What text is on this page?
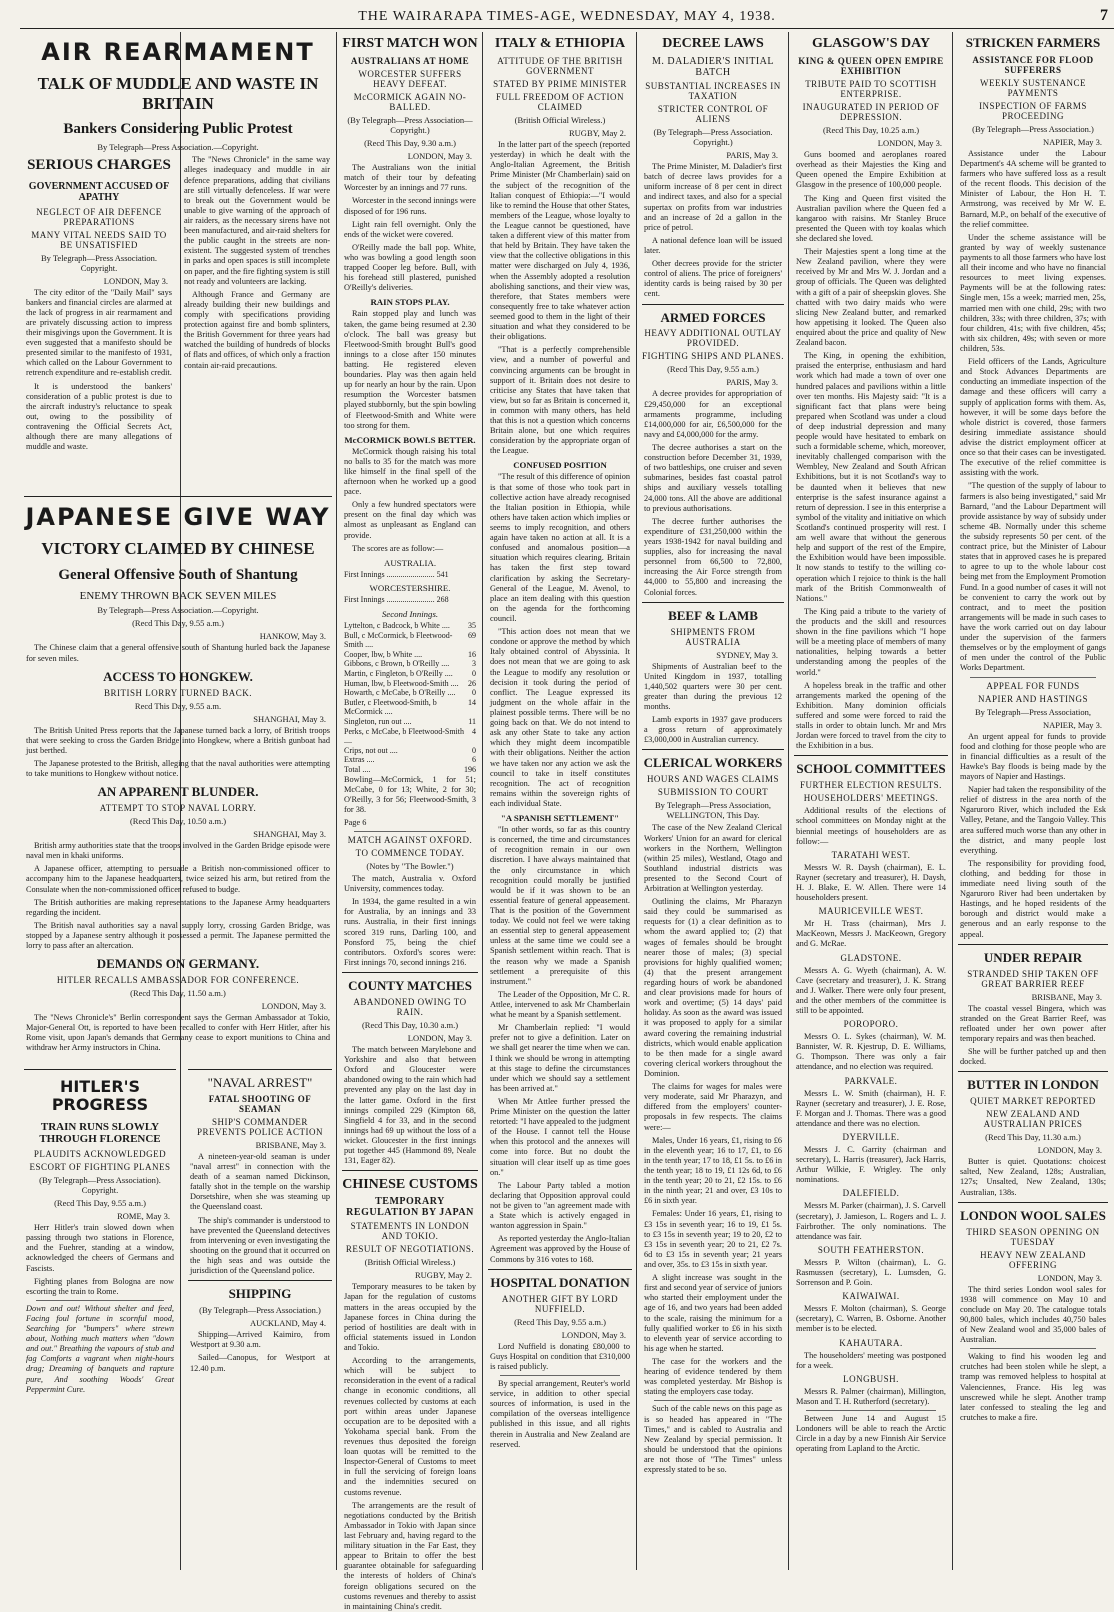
THE WAIRARAPA TIMES-AGE, WEDNESDAY, MAY 4, 1938.	7
AIR REARMAMENT
TALK OF MUDDLE AND WASTE IN BRITAIN
Bankers Considering Public Protest
By Telegraph—Press Association.—Copyright.
SERIOUS CHARGES
GOVERNMENT ACCUSED OF APATHY
NEGLECT OF AIR DEFENCE PREPARATIONS
MANY VITAL NEEDS SAID TO BE UNSATISFIED
By Telegraph—Press Association. Copyright.
LONDON, May 3.

The city editor of the "Daily Mail" says bankers and financial circles are alarmed at the lack of progress in air rearmament and are privately discussing action to impress their misgivings upon the Government. It is even suggested that a manifesto should be presented similar to the manifesto of 1931, which called on the Labour Government to retrench expenditure and re-establish credit.

It is understood the bankers' consideration of a public protest is due to the aircraft industry's reluctance to speak out, owing to the possibility of contravening the Official Secrets Act, although there are many allegations of muddle and waste.

The "News Chronicle" in the same way alleges inadequacy and muddle in air defence preparations, adding that civilians are still virtually defenceless. If war were to break out the Government would be unable to give warning of the approach of air raiders, as the necessary sirens have not been manufactured, and air-raid shelters for the public caught in the streets are non-existent. The suggested system of trenches in parks and open spaces is still incomplete on paper, and the fire fighting system is still not ready and volunteers are lacking.

Although France and Germany are already building their new buildings and comply with specifications providing protection against fire and bomb splinters, the British Government for three years had watched the building of hundreds of blocks of flats and offices, of which only a fraction contain air-raid precautions.

JAPANESE GIVE WAY
VICTORY CLAIMED BY CHINESE
General Offensive South of Shantung
ENEMY THROWN BACK SEVEN MILES
By Telegraph—Press Association.—Copyright.
(Recd This Day, 9.55 a.m.)
HANKOW, May 3.

The Chinese claim that a general offensive south of Shantung hurled back the Japanese for seven miles.

ACCESS TO HONGKEW.
BRITISH LORRY TURNED BACK.
Recd This Day, 9.55 a.m.
SHANGHAI, May 3.

The British United Press reports that the Japanese turned back a lorry, of British troops that were seeking to cross the Garden Bridge into Hongkew, where a British gunboat had just berthed.

The Japanese protested to the British, alleging that the naval authorities were attempting to take munitions to Hongkew without notice.

AN APPARENT BLUNDER.
ATTEMPT TO STOP NAVAL LORRY.
(Recd This Day, 10.50 a.m.)
SHANGHAI, May 3.

British army authorities state that the troops involved in the Garden Bridge episode were naval men in khaki uniforms.

A Japanese officer, attempting to persuade a British non-commissioned officer to accompany him to the Japanese headquarters, twice seized his arm, but retired from the Consulate when the non-commissioned officer refused to budge.

The British authorities are making representations to the Japanese Army headquarters regarding the incident.

The British naval authorities say a naval supply lorry, crossing Garden Bridge, was stopped by a Japanese sentry although it possessed a permit. The Japanese permitted the lorry to pass after an altercation.

DEMANDS ON GERMANY.
HITLER RECALLS AMBASSADOR FOR CONFERENCE.
(Recd This Day, 11.50 a.m.)
LONDON, May 3.

The "News Chronicle's" Berlin correspondent says the German Ambassador at Tokio, Major-General Ott, is reported to have been recalled to confer with Herr Hitler, after his Rome visit, upon Japan's demands that Germany cease to export munitions to China and withdraw her Army instructors in China.

HITLER'S PROGRESS
TRAIN RUNS SLOWLY THROUGH FLORENCE
PLAUDITS ACKNOWLEDGED
ESCORT OF FIGHTING PLANES
(By Telegraph—Press Association). Copyright.
(Recd This Day, 9.55 a.m.)
ROME, May 3.

Herr Hitler's train slowed down when passing through two stations in Florence, and the Fuehrer, standing at a window, acknowledged the cheers of Germans and Fascists.

Fighting planes from Bologna are now escorting the train to Rome.

Down and out! Without shelter and feed, Facing foul fortune in scornful mood, Searching for "bumpers" where strewn about, Nothing much matters when "down and out." Breathing the vapours of stub and fag Comforts a vagrant when night-hours drag; Dreaming of banquets and rapture pure, And soothing Woods' Great Peppermint Cure.

"NAVAL ARREST"
FATAL SHOOTING OF SEAMAN
SHIP'S COMMANDER PREVENTS POLICE ACTION
BRISBANE, May 3.

A nineteen-year-old seaman is under "naval arrest" in connection with the death of a seaman named Dickinson, fatally shot in the temple on the warship Dorsetshire, when she was steaming up the Queensland coast.

The ship's commander is understood to have prevented the Queensland detectives from intervening or even investigating the shooting on the ground that it occurred on the high seas and was outside the jurisdiction of the Queensland police.

SHIPPING
(By Telegraph—Press Association.)
AUCKLAND, May 4.

Shipping—Arrived Kaimiro, from Westport at 9.30 a.m.

Sailed—Canopus, for Westport at 12.40 p.m.

FIRST MATCH WON
AUSTRALIANS AT HOME
WORCESTER SUFFERS HEAVY DEFEAT.
McCORMICK AGAIN NO-BALLED.
(By Telegraph—Press Association—Copyright.)
(Recd This Day, 9.30 a.m.)
LONDON, May 3.

The Australians won the initial match of their tour by defeating Worcester by an innings and 77 runs.

Worcester in the second innings were disposed of for 196 runs.

Light rain fell overnight. Only the ends of the wicket were covered.

O'Reilly made the ball pop. White, who was bowling a good length soon trapped Cooper leg before. Bull, with his forehead still plastered, punished O'Reilly's deliveries.

RAIN STOPS PLAY.

Rain stopped play and lunch was taken, the game being resumed at 2.30 o'clock. The ball was greasy but Fleetwood-Smith brought Bull's good innings to a close after 150 minutes batting. He registered eleven boundaries. Play was then again held up for nearly an hour by the rain. Upon resumption the Worcester batsmen played stubbornly, but the spin bowling of Fleetwood-Smith and White were too strong for them.

McCORMICK BOWLS BETTER.

McCormick though raising his total no balls to 35 for the match was more like himself in the final spell of the afternoon when he worked up a good pace.

Only a few hundred spectators were present on the final day which was almost as unpleasant as England can provide.

The scores are as follow:—

AUSTRALIA.
First Innings ........................ 541
WORCESTERSHIRE.
First Innings ........................ 268
Second Innings.
Lyttelton, c Badcock, b White .... 35
Bull, c McCormick, b Fleetwood-Smith ....
69
Cooper, lbw, b White ....	16
Gibbons, c Brown, b O'Reilly ....	3
Martin, c Fingleton, b O'Reilly .... 0
Human, lbw, b Fleetwood-Smith .... 26
Howarth, c McCabe, b O'Reilly .... 0
Butler, c Fleetwood-Smith, b McCormick ....
14
Singleton, run out ....	11
Perks, c McCabe, b Fleetwood-Smith ....
4
Crips, not out ....	0
Extras ....	6
Total ....	196

Bowling—McCormick, 1 for 51; McCabe, 0 for 13; White, 2 for 30; O'Reilly, 3 for 56; Fleetwood-Smith, 3 for 38.

Page 6

MATCH AGAINST OXFORD.
TO COMMENCE TODAY.
(Notes by "The Bowler.")

The match, Australia v. Oxford University, commences today.

In 1934, the game resulted in a win for Australia, by an innings and 33 runs. Australia, in their first innings scored 319 runs, Darling 100, and Ponsford 75, being the chief contributors. Oxford's scores were: First innings 70, second innings 216.

COUNTY MATCHES
ABANDONED OWING TO RAIN.
(Recd This Day, 10.30 a.m.)
LONDON, May 3.

The match between Marylebone and Yorkshire and also that between Oxford and Gloucester were abandoned owing to the rain which had prevented any play on the last day in the latter game. Oxford in the first innings compiled 229 (Kimpton 68, Singfield 4 for 33, and in the second innings had 69 up without the loss of a wicket. Gloucester in the first innings put together 445 (Hammond 89, Neale 131, Eager 82).

CHINESE CUSTOMS
TEMPORARY REGULATION BY JAPAN
STATEMENTS IN LONDON AND TOKIO.
RESULT OF NEGOTIATIONS.
(British Official Wireless.)
RUGBY, May 2.

Temporary measures to be taken by Japan for the regulation of customs matters in the areas occupied by the Japanese forces in China during the period of hostilities are dealt with in official statements issued in London and Tokio.

According to the arrangements, which will be subject to reconsideration in the event of a radical change in economic conditions, all revenues collected by customs at each port within areas under Japanese occupation are to be deposited with a Yokohama special bank. From the revenues thus deposited the foreign loan quotas will be remitted to the Inspector-General of Customs to meet in full the servicing of foreign loans and the indemnities secured on customs revenue.

The arrangements are the result of negotiations conducted by the British Ambassador in Tokio with Japan since last February and, having regard to the military situation in the Far East, they appear to Britain to offer the best guarantee obtainable for safeguarding the interests of holders of China's foreign obligations secured on the customs revenues and thereby to assist in maintaining China's credit.

ITALY & ETHIOPIA
ATTITUDE OF THE BRITISH GOVERNMENT
STATED BY PRIME MINISTER
FULL FREEDOM OF ACTION CLAIMED
(British Official Wireless.)
RUGBY, May 2.

In the latter part of the speech (reported yesterday) in which he dealt with the Anglo-Italian Agreement, the British Prime Minister (Mr Chamberlain) said on the subject of the recognition of the Italian conquest of Ethiopia:—"I would like to remind the House that other States, members of the League, whose loyalty to the League cannot be questioned, have taken a different view of this matter from that held by Britain. They have taken the view that the collective obligations in this matter were discharged on July 4, 1936, when the Assembly adopted a resolution abolishing sanctions, and their view was, therefore, that States members were consequently free to take whatever action seemed good to them in the light of their situation and what they considered to be their obligations.

"That is a perfectly comprehensible view, and a number of powerful and convincing arguments can be brought in support of it. Britain does not desire to criticise any States that have taken that view, but so far as Britain is concerned it, in common with many others, has held that this is not a question which concerns Britain alone, but one which requires consideration by the appropriate organ of the League.

CONFUSED POSITION

"The result of this difference of opinion is that some of those who took part in collective action have already recognised the Italian position in Ethiopia, while others have taken action which implies or seems to imply recognition, and others again have taken no action at all. It is a confused and anomalous position—a situation which requires clearing. Britain has taken the first step toward clarification by asking the Secretary-General of the League, M. Avenol, to place an item dealing with this question on the agenda for the forthcoming council.

"This action does not mean that we condone or approve the method by which Italy obtained control of Abyssinia. It does not mean that we are going to ask the League to modify any resolution or decision it took during the period of conflict. The League expressed its judgment on the whole affair in the plainest possible terms. There will be no going back on that. We do not intend to ask any other State to take any action which they might deem incompatible with their obligations. Neither the action we have taken nor any action we ask the council to take in itself constitutes recognition. The act of recognition remains within the sovereign rights of each individual State.

"A SPANISH SETTLEMENT"

"In other words, so far as this country is concerned, the time and circumstances of recognition remain in our own discretion. I have always maintained that the only circumstance in which recognition could morally be justified would be if it was shown to be an essential feature of general appeasement. That is the position of the Government today. We could not feel we were taking an essential step to general appeasement unless at the same time we could see a Spanish settlement within reach. That is the reason why we made a Spanish settlement a prerequisite of this instrument."

The Leader of the Opposition, Mr C. R. Attlee, intervened to ask Mr Chamberlain what he meant by a Spanish settlement.

Mr Chamberlain replied: "I would prefer not to give a definition. Later on we shall get nearer the time when we can. I think we should be wrong in attempting at this stage to define the circumstances under which we should say a settlement has been arrived at."

When Mr Attlee further pressed the Prime Minister on the question the latter retorted: "I have appealed to the judgment of the House. I cannot tell the House when this protocol and the annexes will come into force. But no doubt the situation will clear itself up as time goes on."

The Labour Party tabled a motion declaring that Opposition approval could not be given to "an agreement made with a State which is actively engaged in wanton aggression in Spain."

As reported yesterday the Anglo-Italian Agreement was approved by the House of Commons by 316 votes to 168.

HOSPITAL DONATION
ANOTHER GIFT BY LORD NUFFIELD.
(Recd This Day, 9.55 a.m.)
LONDON, May 3.

Lord Nuffield is donating £80,000 to Guys Hospital on condition that £310,000 is raised publicly.

By special arrangement, Reuter's world service, in addition to other special sources of information, is used in the compilation of the overseas intelligence published in this issue, and all rights therein in Australia and New Zealand are reserved.

DECREE LAWS
M. DALADIER'S INITIAL BATCH
SUBSTANTIAL INCREASES IN TAXATION
STRICTER CONTROL OF ALIENS
(By Telegraph—Press Association. Copyright.)
PARIS, May 3.

The Prime Minister, M. Daladier's first batch of decree laws provides for a uniform increase of 8 per cent in direct and indirect taxes, and also for a special supertax on profits from war industries and an increase of 2d a gallon in the price of petrol.

A national defence loan will be issued later.

Other decrees provide for the stricter control of aliens. The price of foreigners' identity cards is being raised by 30 per cent.

ARMED FORCES
HEAVY ADDITIONAL OUTLAY PROVIDED.
FIGHTING SHIPS AND PLANES.
(Recd This Day, 9.55 a.m.)
PARIS, May 3.

A decree provides for appropriation of £29,450,000 for an exceptional armaments programme, including £14,000,000 for air, £6,500,000 for the navy and £4,000,000 for the army.

The decree authorises a start on the construction before December 31, 1939, of two battleships, one cruiser and seven submarines, besides fast coastal patrol ships and auxiliary vessels totalling 24,000 tons. All the above are additional to previous authorisations.

The decree further authorises the expenditure of £31,250,000 within the years 1938-1942 for naval building and supplies, also for increasing the naval personnel from 66,500 to 72,800, increasing the Air Force strength from 44,000 to 55,800 and increasing the Colonial forces.

BEEF & LAMB
SHIPMENTS FROM AUSTRALIA
SYDNEY, May 3.

Shipments of Australian beef to the United Kingdom in 1937, totalling 1,440,502 quarters were 30 per cent. greater than during the previous 12 months.

Lamb exports in 1937 gave producers a gross return of approximately £3,000,000 in Australian currency.

CLERICAL WORKERS
HOURS AND WAGES CLAIMS
SUBMISSION TO COURT
By Telegraph—Press Association, WELLINGTON, This Day.

The case of the New Zealand Clerical Workers' Union for an award for clerical workers in the Northern, Wellington (within 25 miles), Westland, Otago and Southland industrial districts was presented to the Second Court of Arbitration at Wellington yesterday.

Outlining the claims, Mr Pharazyn said they could be summarised as requests for (1) a clear definition as to whom the award applied to; (2) that wages of females should be brought nearer those of males; (3) special provisions for highly qualified women; (4) that the present arrangement regarding hours of work be abandoned and clear provisions made for hours of work and overtime; (5) 14 days' paid holiday. As soon as the award was issued it was proposed to apply for a similar award covering the remaining industrial districts, which would enable application to be then made for a single award covering clerical workers throughout the Dominion.

The claims for wages for males were very moderate, said Mr Pharazyn, and differed from the employers' counter-proposals in few respects. The claims were:—

Males, Under 16 years, £1, rising to £6 in the eleventh year; 16 to 17, £1, to £6 in the tenth year; 17 to 18, £1 5s. to £6 in the tenth year; 18 to 19, £1 12s 6d, to £6 in the tenth year; 20 to 21, £2 15s. to £6 in the ninth year; 21 and over, £3 10s to £6 in sixth year.

Females: Under 16 years, £1, rising to £3 15s in seventh year; 16 to 19, £1 5s. to £3 15s in seventh year; 19 to 20, £2 to £3 15s in seventh year; 20 to 21, £2 7s. 6d to £3 15s in seventh year; 21 years and over, 35s. to £3 15s in sixth year.

A slight increase was sought in the first and second year of service of juniors who started their employment under the age of 16, and two years had been added to the scale, raising the minimum for a fully qualified worker to £6 in his sixth to eleventh year of service according to his age when he started.

The case for the workers and the hearing of evidence tendered by them was completed yesterday. Mr Bishop is stating the employers case today.

Such of the cable news on this page as is so headed has appeared in "The Times," and is cabled to Australia and New Zealand by special permission. It should be understood that the opinions are not those of "The Times" unless expressly stated to be so.

GLASGOW'S DAY
KING & QUEEN OPEN EMPIRE EXHIBITION
TRIBUTE PAID TO SCOTTISH ENTERPRISE.
INAUGURATED IN PERIOD OF DEPRESSION.
(Recd This Day, 10.25 a.m.)
LONDON, May 3.

Guns boomed and aeroplanes roared overhead as their Majesties the King and Queen opened the Empire Exhibition at Glasgow in the presence of 100,000 people.

The King and Queen first visited the Australian pavilion where the Queen fed a kangaroo with raisins. Mr Stanley Bruce presented the Queen with toy koalas which she declared she loved.

Their Majesties spent a long time at the New Zealand pavilion, where they were received by Mr and Mrs W. J. Jordan and a group of officials. The Queen was delighted with a gift of a pair of sheepskin gloves. She chatted with two dairy maids who were slicing New Zealand butter, and remarked how appetising it looked. The Queen also enquired about the price and quality of New Zealand bacon.

The King, in opening the exhibition, praised the enterprise, enthusiasm and hard work which had made a town of over one hundred palaces and pavilions within a little over ten months. His Majesty said: "It is a significant fact that plans were being prepared when Scotland was under a cloud of deep industrial depression and many people would have hesitated to embark on such a formidable scheme, which, moreover, inevitably challenged comparison with the Wembley, New Zealand and South African Exhibitions, but it is not Scotland's way to be daunted when it believes that new enterprise is the safest insurance against a return of depression. I see in this enterprise a symbol of the vitality and initiative on which Scotland's continued prosperity will rest. I am well aware that without the generous help and support of the rest of the Empire, the Exhibition would have been impossible. It now stands to testify to the willing co-operation which I rejoice to think is the hall mark of the British Commonwealth of Nations."

The King paid a tribute to the variety of the products and the skill and resources shown in the fine pavilions which "I hope will be a meeting place of members of many nationalities, helping towards a better understanding among the peoples of the world."

A hopeless break in the traffic and other arrangements marked the opening of the Exhibition. Many dominion officials suffered and some were forced to raid the stalls in order to obtain lunch. Mr and Mrs Jordan were forced to travel from the city to the Exhibition in a bus.

SCHOOL COMMITTEES
FURTHER ELECTION RESULTS.
HOUSEHOLDERS' MEETINGS.

Additional results of the elections of school committees on Monday night at the biennial meetings of householders are as follow:—

TARATAHI WEST.

Messrs W. R. Daysh (chairman), E. L. Rayner (secretary and treasurer), H. Daysh, H. J. Blake, E. W. Allen. There were 14 householders present.

MAURICEVILLE WEST.

Mr H. Trass (chairman), Mrs J. MacKeown, Messrs J. MacKeown, Gregory and G. McRae.

GLADSTONE.

Messrs A. G. Wyeth (chairman), A. W. Cave (secretary and treasurer), J. K. Strang and J. Walker. There were only four present, and the other members of the committee is still to be appointed.

POROPORO.

Messrs O. L. Sykes (chairman), W. M. Bannister, W. R. Kjestrup, D. E. Williams, G. Thompson. There was only a fair attendance, and no election was required.

PARKVALE.

Messrs L. W. Smith (chairman), H. F. Rayner (secretary and treasurer), J. E. Rose, F. Morgan and J. Thomas. There was a good attendance and there was no election.

DYERVILLE.

Messrs J. C. Garrity (chairman and secretary), L. Harris (treasurer), Jack Harris, Arthur Wilkie, F. Wrigley. The only nominations.

DALEFIELD.

Messrs M. Parker (chairman), J. S. Carvell (secretary), J. Jamieson, L. Rogers and L. J. Fairbrother. The only nominations. The attendance was fair.

SOUTH FEATHERSTON.

Messrs P. Wilton (chairman), L. G. Rasmussen (secretary), L. Lumsden, G. Sorrenson and P. Goin.

KAIWAIWAI.

Messrs F. Molton (chairman), S. George (secretary), C. Warren, B. Osborne. Another member is to be elected.

KAHAUTARA.

The householders' meeting was postponed for a week.

LONGBUSH.

Messrs R. Palmer (chairman), Millington, Mason and T. H. Rutherford (secretary).

Between June 14 and August 15 Londoners will be able to reach the Arctic Circle in a day by a new Finnish Air Service operating from Lapland to the Arctic.

STRICKEN FARMERS
ASSISTANCE FOR FLOOD SUFFERERS
WEEKLY SUSTENANCE PAYMENTS
INSPECTION OF FARMS PROCEEDING
(By Telegraph—Press Association.)
NAPIER, May 3.

Assistance under the Labour Department's 4A scheme will be granted to farmers who have suffered loss as a result of the recent floods. This decision of the Minister of Labour, the Hon H. T. Armstrong, was received by Mr W. E. Barnard, M.P., on behalf of the executive of the relief committee.

Under the scheme assistance will be granted by way of weekly sustenance payments to all those farmers who have lost all their income and who have no financial resources to meet living expenses. Payments will be at the following rates: Single men, 15s a week; married men, 25s, married men with one child, 29s; with two children, 33s; with three children, 37s; with four children, 41s; with five children, 45s; with six children, 49s; with seven or more children, 53s.

Field officers of the Lands, Agriculture and Stock Advances Departments are conducting an immediate inspection of the damage and these officers will carry a supply of application forms with them. As, however, it will be some days before the whole district is covered, those farmers desiring immediate assistance should advise the district employment officer at once so that their cases can be investigated. The executive of the relief committee is assisting with the work.

"The question of the supply of labour to farmers is also being investigated," said Mr Barnard, "and the Labour Department will provide assistance by way of subsidy under scheme 4B. Normally under this scheme the subsidy represents 50 per cent. of the contract price, but the Minister of Labour states that in approved cases he is prepared to agree to up to the whole labour cost being met from the Employment Promotion Fund. In a good number of cases it will not be convenient to carry the work out by contract, and to meet the position arrangements will be made in such cases to have the work carried out on day labour under the supervision of the farmers themselves or by the employment of gangs of men under the control of the Public Works Department.

APPEAL FOR FUNDS
NAPIER AND HASTINGS
By Telegraph—Press Association,
NAPIER, May 3.

An urgent appeal for funds to provide food and clothing for those people who are in financial difficulties as a result of the Hawke's Bay floods is being made by the mayors of Napier and Hastings.

Napier had taken the responsibility of the relief of distress in the area north of the Ngaruroro River, which included the Esk Valley, Petane, and the Tangoio Valley. This area suffered much worse than any other in the district, and many people lost everything.

The responsibility for providing food, clothing, and bedding for those in immediate need living south of the Ngaruroro River had been undertaken by Hastings, and he hoped residents of the borough and district would make a generous and an early response to the appeal.

UNDER REPAIR
STRANDED SHIP TAKEN OFF GREAT BARRIER REEF
BRISBANE, May 3.

The coastal vessel Bingera, which was stranded on the Great Barrier Reef, was refloated under her own power after temporary repairs and was then beached.

She will be further patched up and then docked.

BUTTER IN LONDON
QUIET MARKET REPORTED
NEW ZEALAND AND AUSTRALIAN PRICES
(Recd This Day, 11.30 a.m.)
LONDON, May 3.

Butter is quiet. Quotations: choicest salted, New Zealand, 128s; Australian, 127s; Unsalted, New Zealand, 130s; Australian, 138s.

LONDON WOOL SALES
THIRD SEASON OPENING ON TUESDAY
HEAVY NEW ZEALAND OFFERING
LONDON, May 3.

The third series London wool sales for 1938 will commence on May 10 and conclude on May 20. The catalogue totals 90,800 bales, which includes 40,750 bales of New Zealand wool and 35,000 bales of Australian.

Waking to find his wooden leg and crutches had been stolen while he slept, a tramp was removed helpless to hospital at Valenciennes, France. His leg was unscrewed while he slept. Another tramp later confessed to stealing the leg and crutches to make a fire.
